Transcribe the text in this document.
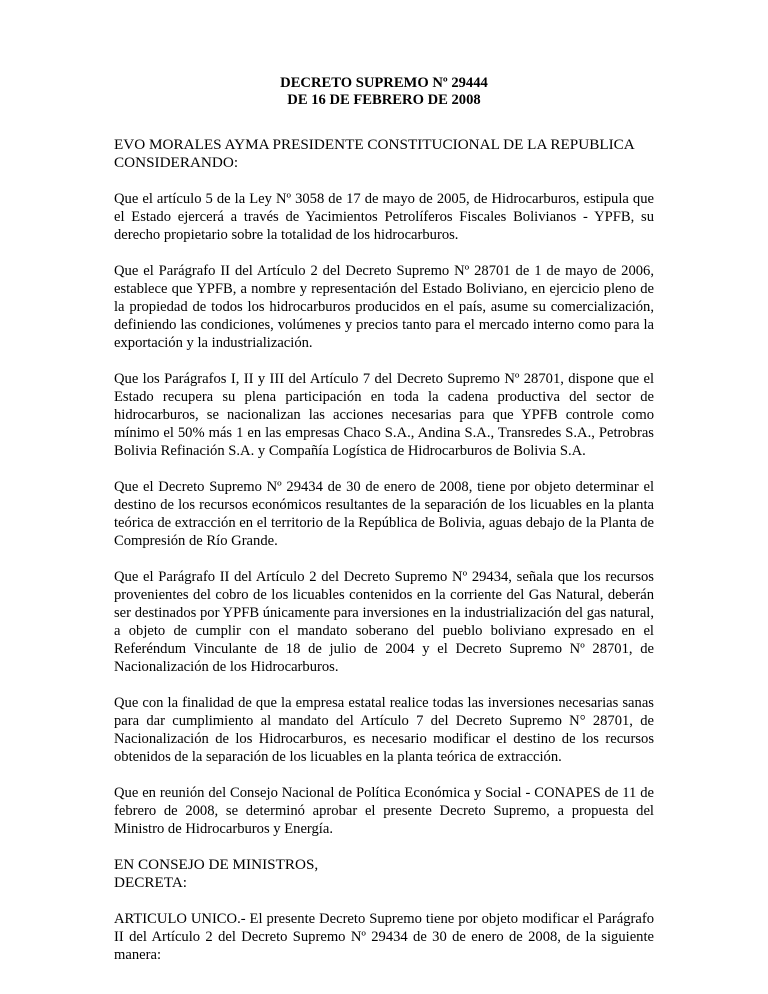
DECRETO SUPREMO Nº 29444
DE 16 DE FEBRERO DE 2008

EVO MORALES AYMA PRESIDENTE CONSTITUCIONAL DE LA REPUBLICA
CONSIDERANDO:

Que el artículo 5 de la Ley Nº 3058 de 17 de mayo de 2005, de Hidrocarburos, estipula que el Estado ejercerá a través de Yacimientos Petrolíferos Fiscales Bolivianos - YPFB, su derecho propietario sobre la totalidad de los hidrocarburos.

Que el Parágrafo II del Artículo 2 del Decreto Supremo Nº 28701 de 1 de mayo de 2006, establece que YPFB, a nombre y representación del Estado Boliviano, en ejercicio pleno de la propiedad de todos los hidrocarburos producidos en el país, asume su comercialización, definiendo las condiciones, volúmenes y precios tanto para el mercado interno como para la exportación y la industrialización.

Que los Parágrafos I, II y III del Artículo 7 del Decreto Supremo Nº 28701, dispone que el Estado recupera su plena participación en toda la cadena productiva del sector de hidrocarburos, se nacionalizan las acciones necesarias para que YPFB controle como mínimo el 50% más 1 en las empresas Chaco S.A., Andina S.A., Transredes S.A., Petrobras Bolivia Refinación S.A. y Compañía Logística de Hidrocarburos de Bolivia S.A.

Que el Decreto Supremo Nº 29434 de 30 de enero de 2008, tiene por objeto determinar el destino de los recursos económicos resultantes de la separación de los licuables en la planta teórica de extracción en el territorio de la República de Bolivia, aguas debajo de la Planta de Compresión de Río Grande.

Que el Parágrafo II del Artículo 2 del Decreto Supremo Nº 29434, señala que los recursos provenientes del cobro de los licuables contenidos en la corriente del Gas Natural, deberán ser destinados por YPFB únicamente para inversiones en la industrialización del gas natural, a objeto de cumplir con el mandato soberano del pueblo boliviano expresado en el Referéndum Vinculante de 18 de julio de 2004 y el Decreto Supremo Nº 28701, de Nacionalización de los Hidrocarburos.

Que con la finalidad de que la empresa estatal realice todas las inversiones necesarias sanas para dar cumplimiento al mandato del Artículo 7 del Decreto Supremo N° 28701, de Nacionalización de los Hidrocarburos, es necesario modificar el destino de los recursos obtenidos de la separación de los licuables en la planta teórica de extracción.

Que en reunión del Consejo Nacional de Política Económica y Social - CONAPES de 11 de febrero de 2008, se determinó aprobar el presente Decreto Supremo, a propuesta del Ministro de Hidrocarburos y Energía.

EN CONSEJO DE MINISTROS,
DECRETA:

ARTICULO UNICO.- El presente Decreto Supremo tiene por objeto modificar el Parágrafo II del Artículo 2 del Decreto Supremo Nº 29434 de 30 de enero de 2008, de la siguiente manera:
